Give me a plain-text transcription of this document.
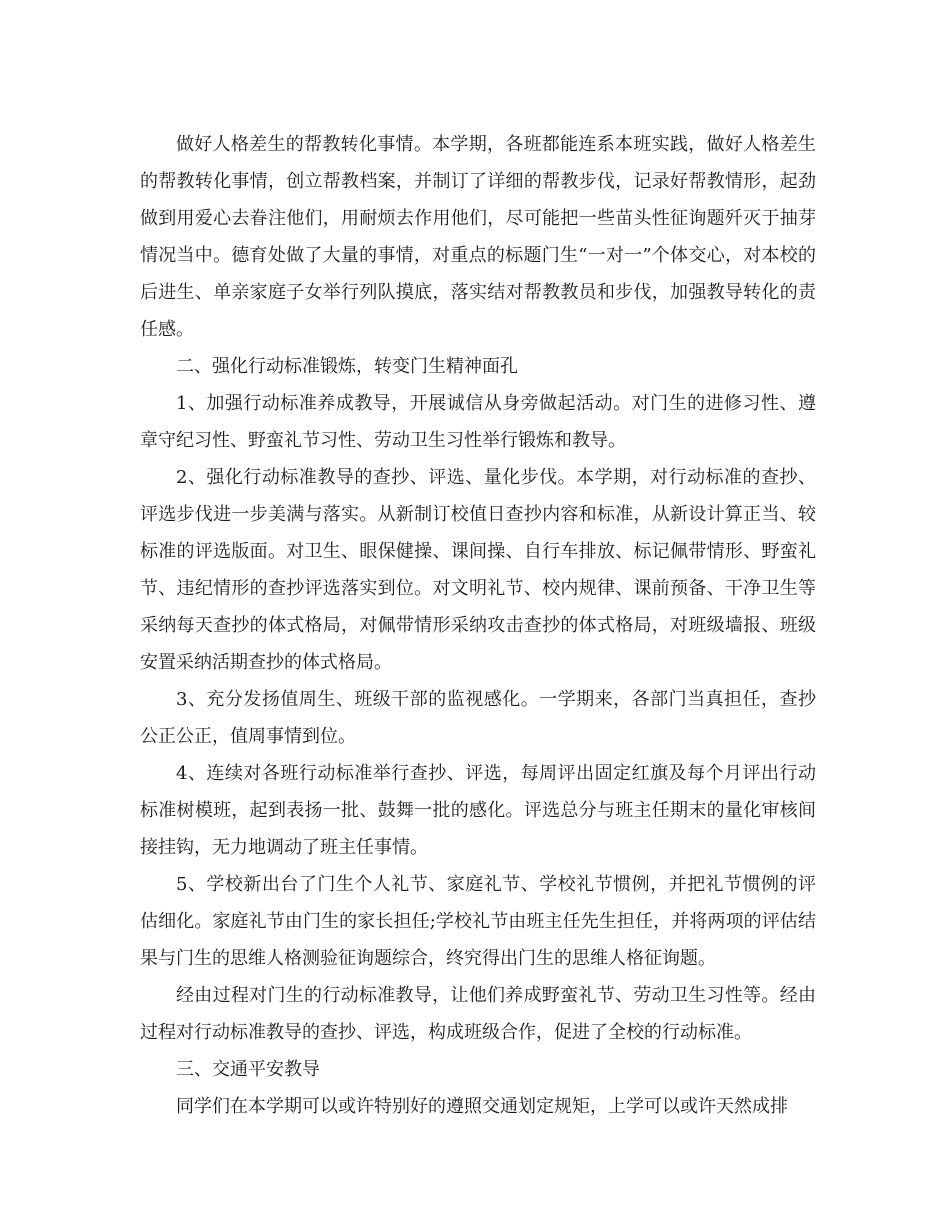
做好人格差生的帮教转化事情。本学期，各班都能连系本班实践，做好人格差生的帮教转化事情，创立帮教档案，并制订了详细的帮教步伐，记录好帮教情形，起劲做到用爱心去眷注他们，用耐烦去作用他们，尽可能把一些苗头性征询题歼灭于抽芽情况当中。德育处做了大量的事情，对重点的标题门生“一对一”个体交心，对本校的后进生、单亲家庭子女举行列队摸底，落实结对帮教教员和步伐，加强教导转化的责任感。

二、强化行动标准锻炼，转变门生精神面孔

1、加强行动标准养成教导，开展诚信从身旁做起活动。对门生的进修习性、遵章守纪习性、野蛮礼节习性、劳动卫生习性举行锻炼和教导。

2、强化行动标准教导的查抄、评选、量化步伐。本学期，对行动标准的查抄、评选步伐进一步美满与落实。从新制订校值日查抄内容和标准，从新设计算正当、较标准的评选版面。对卫生、眼保健操、课间操、自行车排放、标记佩带情形、野蛮礼节、违纪情形的查抄评选落实到位。对文明礼节、校内规律、课前预备、干净卫生等采纳每天查抄的体式格局，对佩带情形采纳攻击查抄的体式格局，对班级墙报、班级安置采纳活期查抄的体式格局。

3、充分发扬值周生、班级干部的监视感化。一学期来，各部门当真担任，查抄公正公正，值周事情到位。

4、连续对各班行动标准举行查抄、评选，每周评出固定红旗及每个月评出行动标准树模班，起到表扬一批、鼓舞一批的感化。评选总分与班主任期末的量化审核间接挂钩，无力地调动了班主任事情。

5、学校新出台了门生个人礼节、家庭礼节、学校礼节惯例，并把礼节惯例的评估细化。家庭礼节由门生的家长担任;学校礼节由班主任先生担任，并将两项的评估结果与门生的思维人格测验征询题综合，终究得出门生的思维人格征询题。

经由过程对门生的行动标准教导，让他们养成野蛮礼节、劳动卫生习性等。经由过程对行动标准教导的查抄、评选，构成班级合作，促进了全校的行动标准。

三、交通平安教导

同学们在本学期可以或许特别好的遵照交通划定规矩，上学可以或许天然成排
